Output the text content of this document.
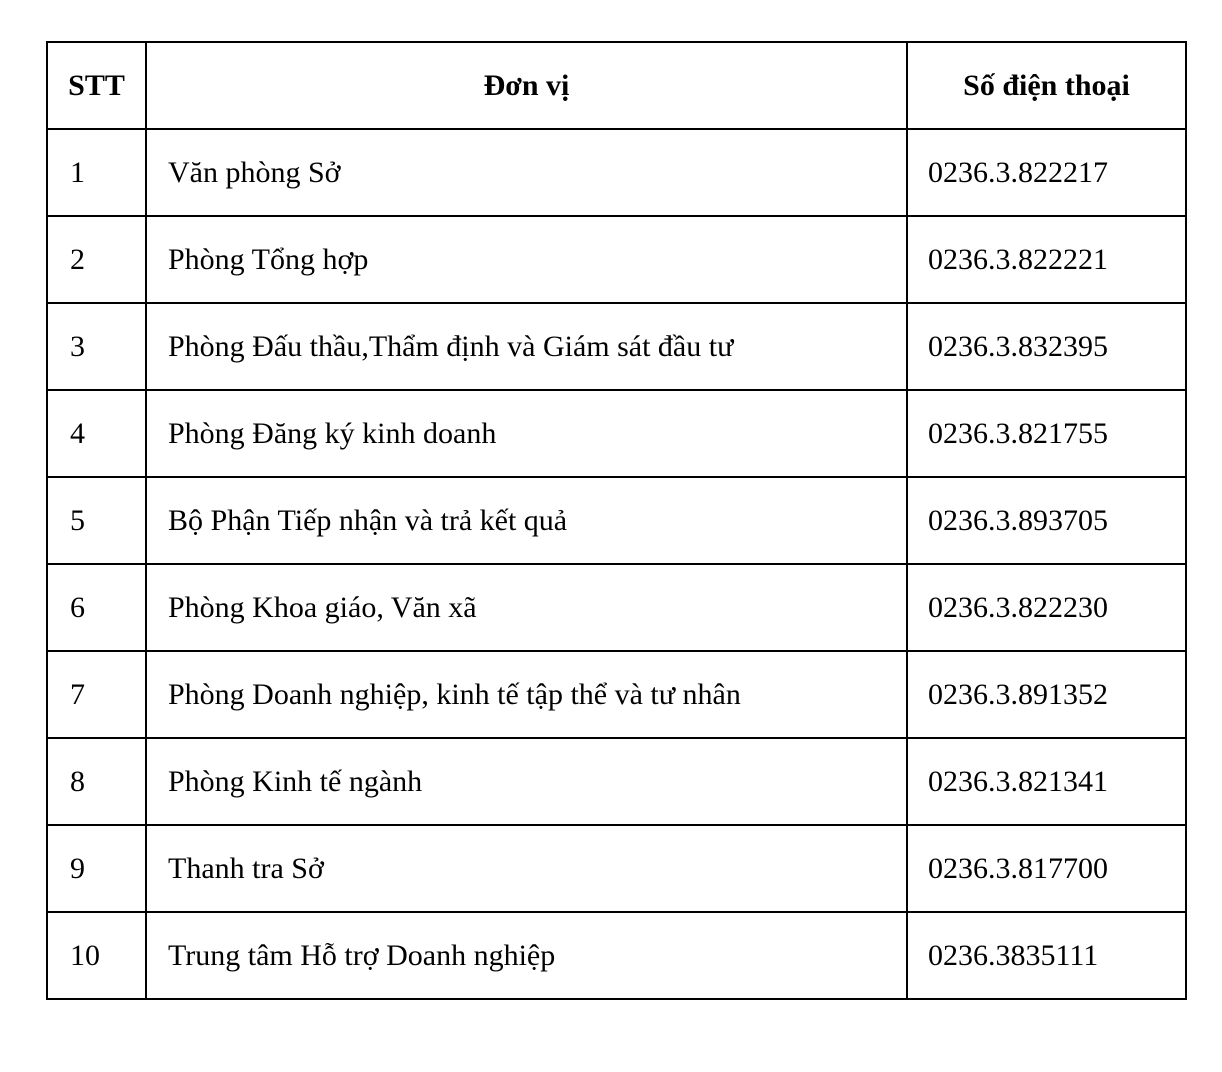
STT	Đơn vị	Số điện thoại
1	Văn phòng Sở	0236.3.822217
2	Phòng Tổng hợp	0236.3.822221
3	Phòng Đấu thầu,Thẩm định và Giám sát đầu tư	0236.3.832395
4	Phòng Đăng ký kinh doanh	0236.3.821755
5	Bộ Phận Tiếp nhận và trả kết quả	0236.3.893705
6	Phòng Khoa giáo, Văn xã	0236.3.822230
7	Phòng Doanh nghiệp, kinh tế tập thể và tư nhân	0236.3.891352
8	Phòng Kinh tế ngành	0236.3.821341
9	Thanh tra Sở	0236.3.817700
10	Trung tâm Hỗ trợ Doanh nghiệp	0236.3835111
